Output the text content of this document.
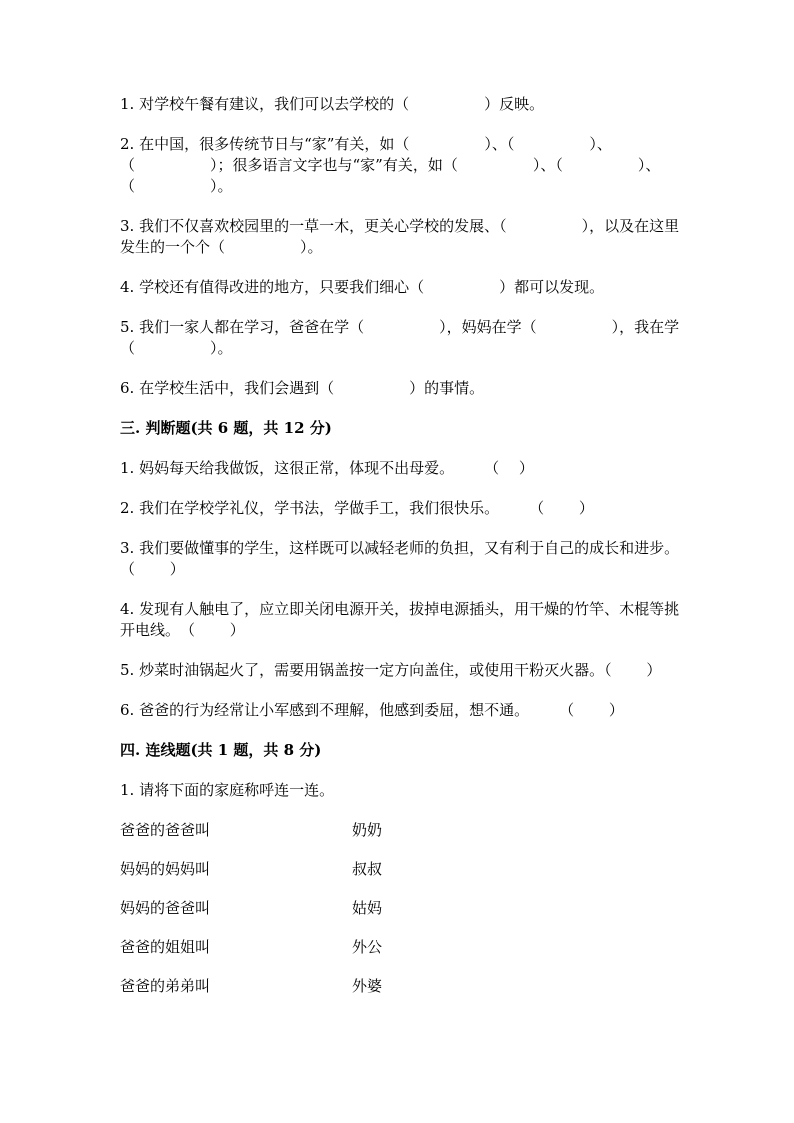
1. 对学校午餐有建议，我们可以去学校的（　　　　　）反映。
2. 在中国，很多传统节日与“家”有关，如（　　　　　）、（　　　　　）、（　　　　　）；很多语言文字也与“家”有关，如（　　　　　）、（　　　　　）、（　　　　　）。
3. 我们不仅喜欢校园里的一草一木，更关心学校的发展、（　　　　　），以及在这里发生的一个个（　　　　　）。
4. 学校还有值得改进的地方，只要我们细心（　　　　　）都可以发现。
5. 我们一家人都在学习，爸爸在学（　　　　　），妈妈在学（　　　　　），我在学（　　　　　）。
6. 在学校生活中，我们会遇到（　　　　　）的事情。
三. 判断题(共 6 题，共 12 分)
1. 妈妈每天给我做饭，这很正常，体现不出母爱。　　　（　 ）
2. 我们在学校学礼仪，学书法，学做手工，我们很快乐。　　　（　　 ）
3. 我们要做懂事的学生，这样既可以减轻老师的负担，又有利于自己的成长和进步。（　　 ）
4. 发现有人触电了，应立即关闭电源开关，拔掉电源插头，用干燥的竹竿、木棍等挑开电线。　（　　 ）
5. 炒菜时油锅起火了，需要用锅盖按一定方向盖住，或使用干粉灭火器。（　　 ）
6. 爸爸的行为经常让小军感到不理解，他感到委屈，想不通。　　　（　　 ）
四. 连线题(共 1 题，共 8 分)
1. 请将下面的家庭称呼连一连。
爸爸的爸爸叫	奶奶
妈妈的妈妈叫	叔叔
妈妈的爸爸叫	姑妈
爸爸的姐姐叫	外公
爸爸的弟弟叫	外婆
